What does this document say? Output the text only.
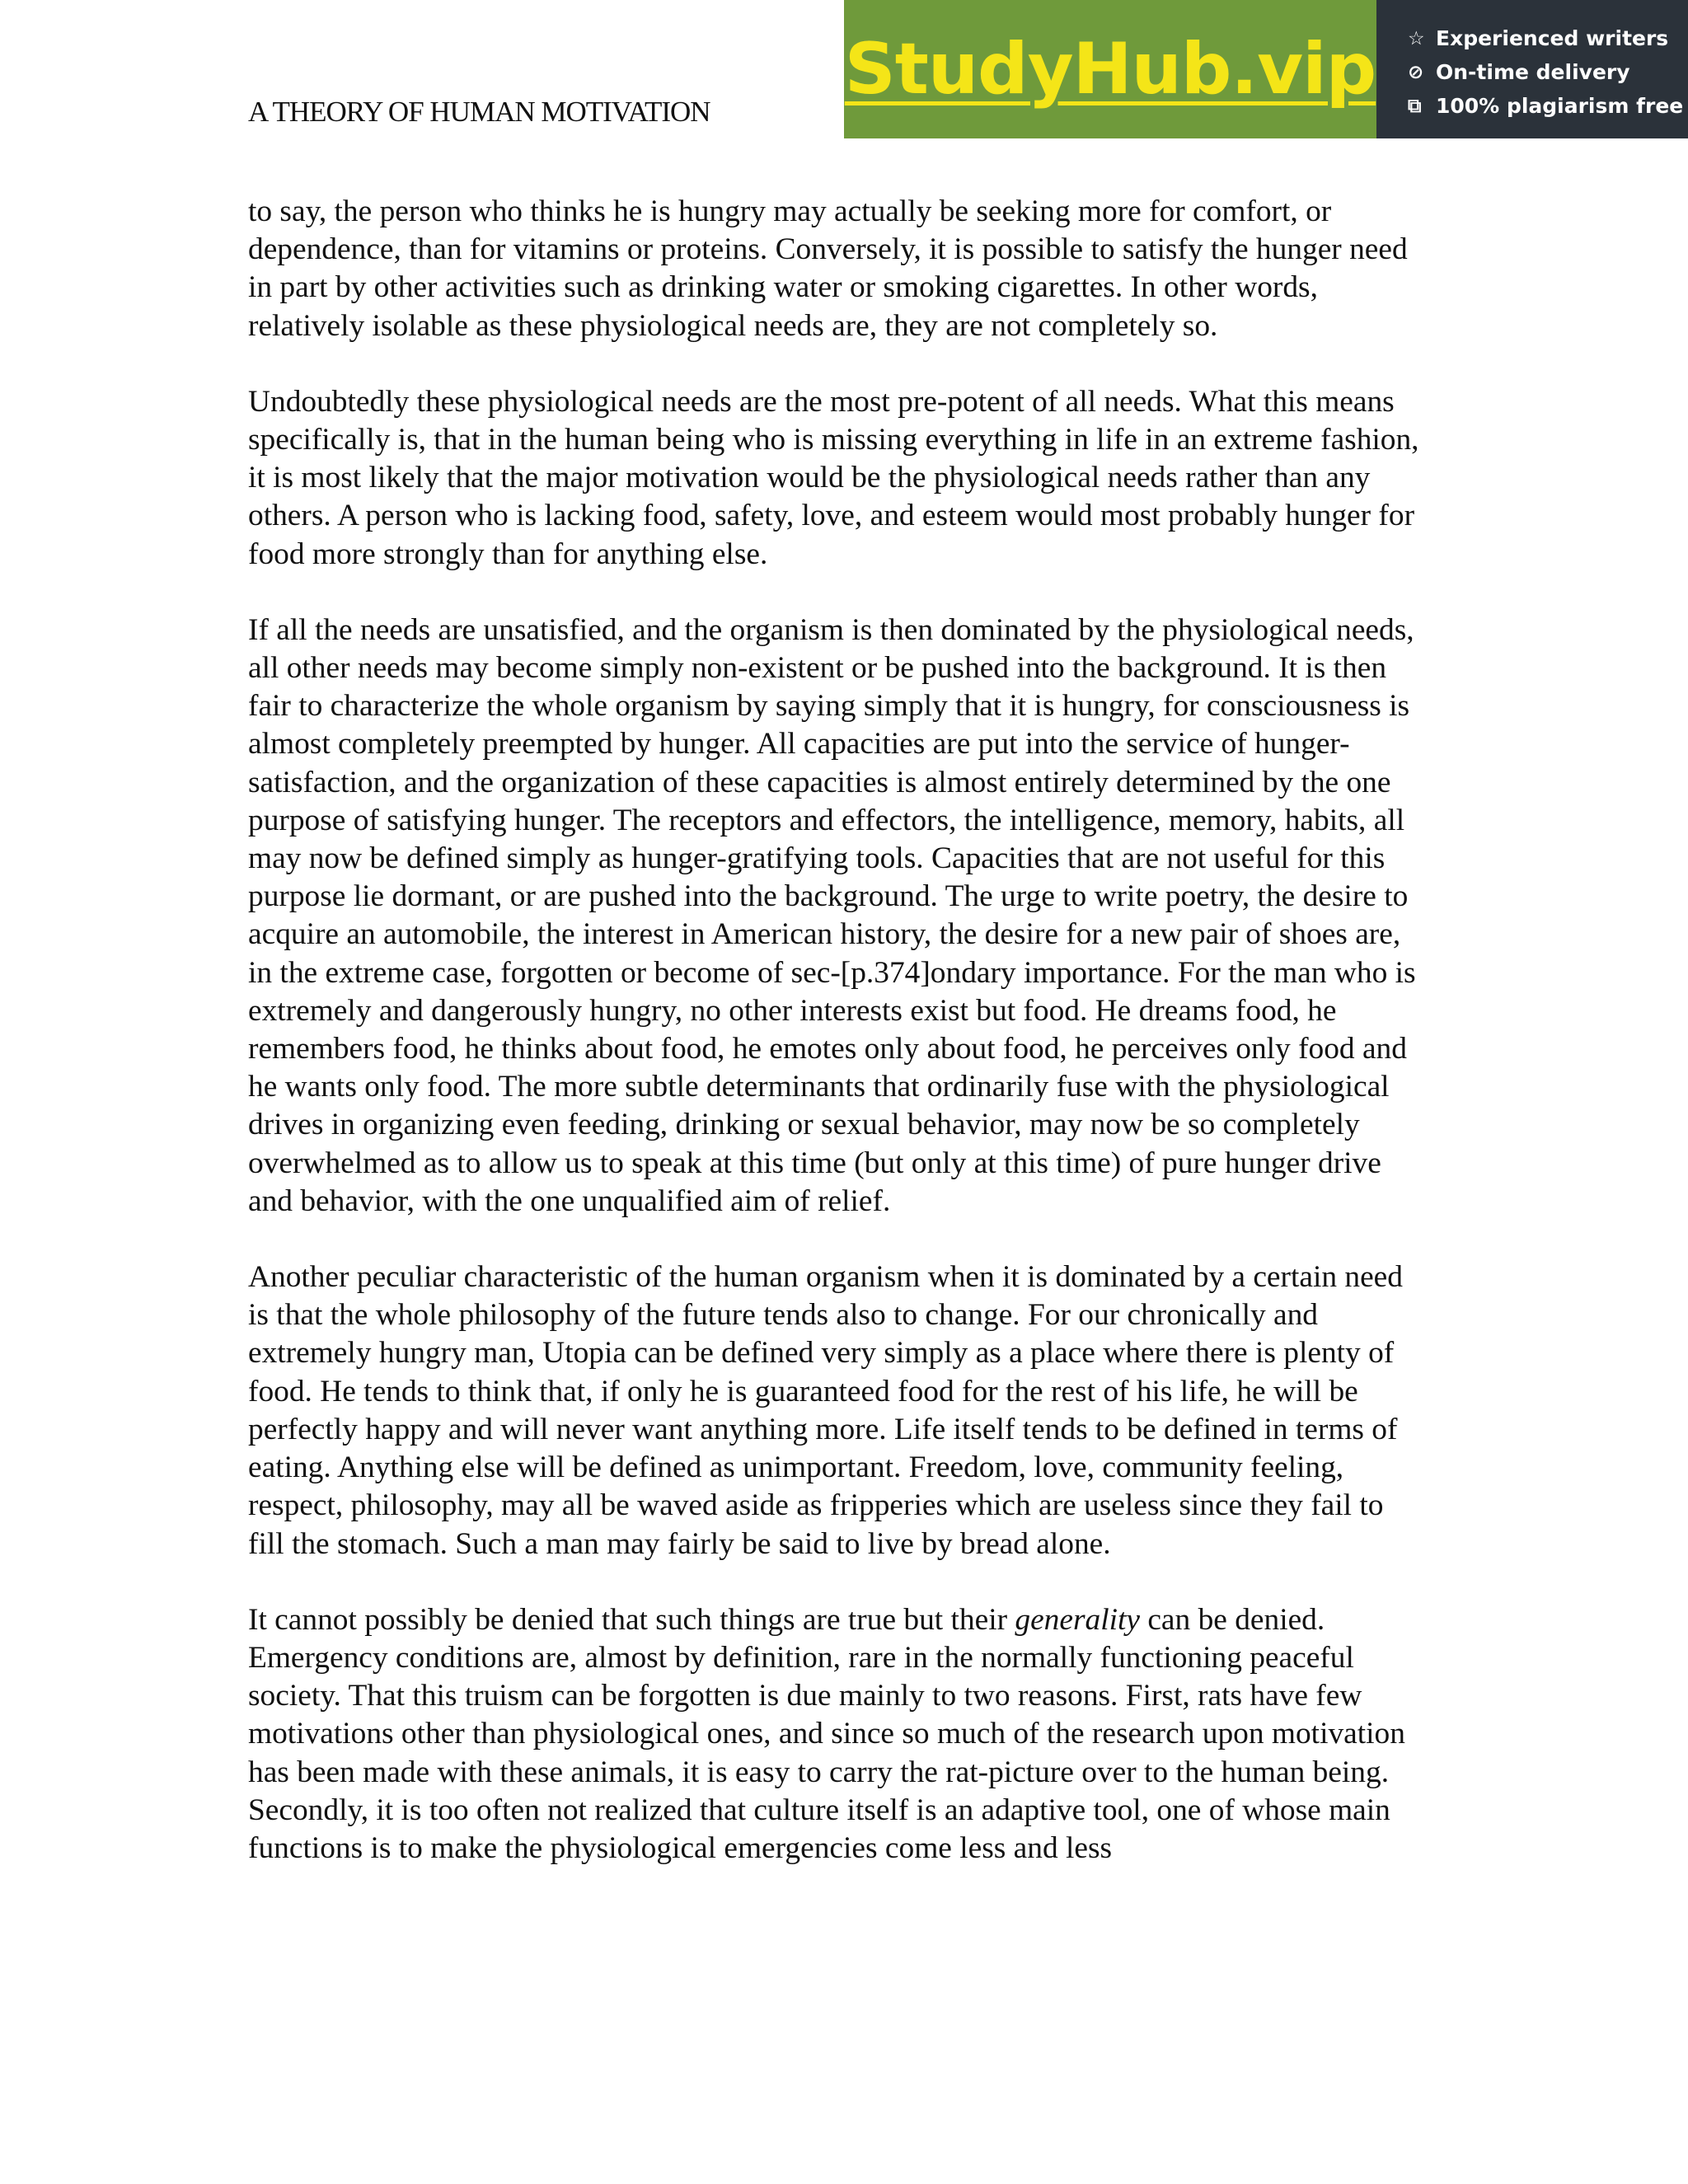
A THEORY OF HUMAN MOTIVATION
StudyHub.vip ☆ Experienced writers
⊘ On-time delivery
⧉ 100% plagiarism free

to say, the person who thinks he is hungry may actually be seeking more for comfort, or dependence, than for vitamins or proteins. Conversely, it is possible to satisfy the hunger need in part by other activities such as drinking water or smoking cigarettes. In other words, relatively isolable as these physiological needs are, they are not completely so.

Undoubtedly these physiological needs are the most pre-potent of all needs. What this means specifically is, that in the human being who is missing everything in life in an extreme fashion, it is most likely that the major motivation would be the physiological needs rather than any others. A person who is lacking food, safety, love, and esteem would most probably hunger for food more strongly than for anything else.

If all the needs are unsatisfied, and the organism is then dominated by the physiological needs, all other needs may become simply non-existent or be pushed into the background. It is then fair to characterize the whole organism by saying simply that it is hungry, for consciousness is almost completely preempted by hunger. All capacities are put into the service of hunger-satisfaction, and the organization of these capacities is almost entirely determined by the one purpose of satisfying hunger. The receptors and effectors, the intelligence, memory, habits, all may now be defined simply as hunger-gratifying tools. Capacities that are not useful for this purpose lie dormant, or are pushed into the background. The urge to write poetry, the desire to acquire an automobile, the interest in American history, the desire for a new pair of shoes are, in the extreme case, forgotten or become of sec-[p.374]ondary importance. For the man who is extremely and dangerously hungry, no other interests exist but food. He dreams food, he remembers food, he thinks about food, he emotes only about food, he perceives only food and he wants only food. The more subtle determinants that ordinarily fuse with the physiological drives in organizing even feeding, drinking or sexual behavior, may now be so completely overwhelmed as to allow us to speak at this time (but only at this time) of pure hunger drive and behavior, with the one unqualified aim of relief.

Another peculiar characteristic of the human organism when it is dominated by a certain need is that the whole philosophy of the future tends also to change. For our chronically and extremely hungry man, Utopia can be defined very simply as a place where there is plenty of food. He tends to think that, if only he is guaranteed food for the rest of his life, he will be perfectly happy and will never want anything more. Life itself tends to be defined in terms of eating. Anything else will be defined as unimportant. Freedom, love, community feeling, respect, philosophy, may all be waved aside as fripperies which are useless since they fail to fill the stomach. Such a man may fairly be said to live by bread alone.

It cannot possibly be denied that such things are true but their generality can be denied. Emergency conditions are, almost by definition, rare in the normally functioning peaceful society. That this truism can be forgotten is due mainly to two reasons. First, rats have few motivations other than physiological ones, and since so much of the research upon motivation has been made with these animals, it is easy to carry the rat-picture over to the human being. Secondly, it is too often not realized that culture itself is an adaptive tool, one of whose main functions is to make the physiological emergencies come less and less
